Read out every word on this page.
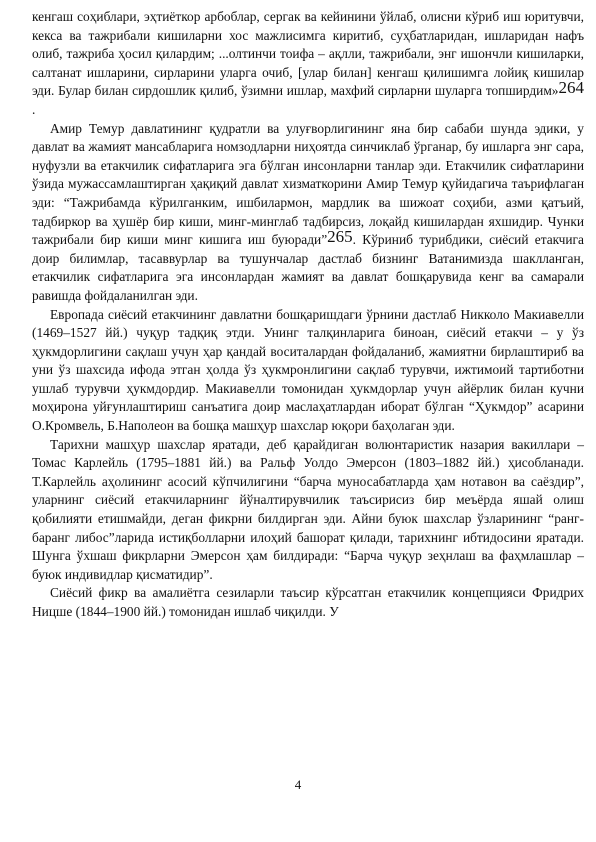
кенгаш соҳиблари, эҳтиёткор арбоблар, сергак ва кейинини ўйлаб, олисни кўриб иш юритувчи, кекса ва тажрибали кишиларни хос мажлисимга киритиб, суҳбатларидан, ишларидан нафъ олиб, тажриба ҳосил қилардим; ...олтинчи тоифа – ақлли, тажрибали, энг ишончли кишиларки, салтанат ишларини, сирларини уларга очиб, [улар билан] кенгаш қилишимга лойиқ кишилар эди. Булар билан сирдошлик қилиб, ўзимни ишлар, махфий сирларни шуларга топширдим»264 .

Амир Темур давлатининг қудратли ва улуғворлигининг яна бир сабаби шунда эдики, у давлат ва жамият мансабларига номзодларни ниҳоятда синчиклаб ўрганар, бу ишларга энг сара, нуфузли ва етакчилик сифатларига эга бўлган инсонларни танлар эди. Етакчилик сифатларини ўзида мужассамлаштирган ҳақиқий давлат хизматкорини Амир Темур қуйидагича таърифлаган эди: “Тажрибамда кўрилганким, ишбилармон, мардлик ва шижоат соҳиби, азми қатъий, тадбиркор ва ҳушёр бир киши, минг-минглаб тадбирсиз, лоқайд кишилардан яхшидир. Чунки тажрибали бир киши минг кишига иш буюради”265. Кўриниб турибдики, сиёсий етакчига доир билимлар, тасаввурлар ва тушунчалар дастлаб бизнинг Ватанимизда шаклланган, етакчилик сифатларига эга инсонлардан жамият ва давлат бошқарувида кенг ва самарали равишда фойдаланилган эди.

Европада сиёсий етакчининг давлатни бошқаришдаги ўрнини дастлаб Никколо Макиавелли (1469–1527 йй.) чуқур тадқиқ этди. Унинг талқинларига биноан, сиёсий етакчи – у ўз ҳукмдорлигини сақлаш учун ҳар қандай воситалардан фойдаланиб, жамиятни бирлаштириб ва уни ўз шахсида ифода этган ҳолда ўз ҳукмронлигини сақлаб турувчи, ижтимоий тартиботни ушлаб турувчи ҳукмдордир. Макиавелли томонидан ҳукмдорлар учун айёрлик билан кучни моҳирона уйғунлаштириш санъатига доир маслаҳатлардан иборат бўлган “Ҳукмдор” асарини О.Кромвель, Б.Наполеон ва бошқа машҳур шахслар юқори баҳолаган эди.

Тарихни машҳур шахслар яратади, деб қарайдиган волюнтаристик назария вакиллари – Томас Карлейль (1795–1881 йй.) ва Ральф Уолдо Эмерсон (1803–1882 йй.) ҳисобланади. Т.Карлейль аҳолининг асосий кўпчилигини “барча муносабатларда ҳам нотавон ва саёздир”, уларнинг сиёсий етакчиларнинг йўналтирувчилик таъсирисиз бир меъёрда яшай олиш қобилияти етишмайди, деган фикрни билдирган эди. Айни буюк шахслар ўзларининг “ранг-баранг либос”ларида истиқболларни илоҳий башорат қилади, тарихнинг ибтидосини яратади. Шунга ўхшаш фикрларни Эмерсон ҳам билдиради: “Барча чуқур зеҳнлаш ва фаҳмлашлар – буюк индивидлар қисматидир”.

Сиёсий фикр ва амалиётга сезиларли таъсир кўрсатган етакчилик концепцияси Фридрих Ницше (1844–1900 йй.) томонидан ишлаб чиқилди. У

4
